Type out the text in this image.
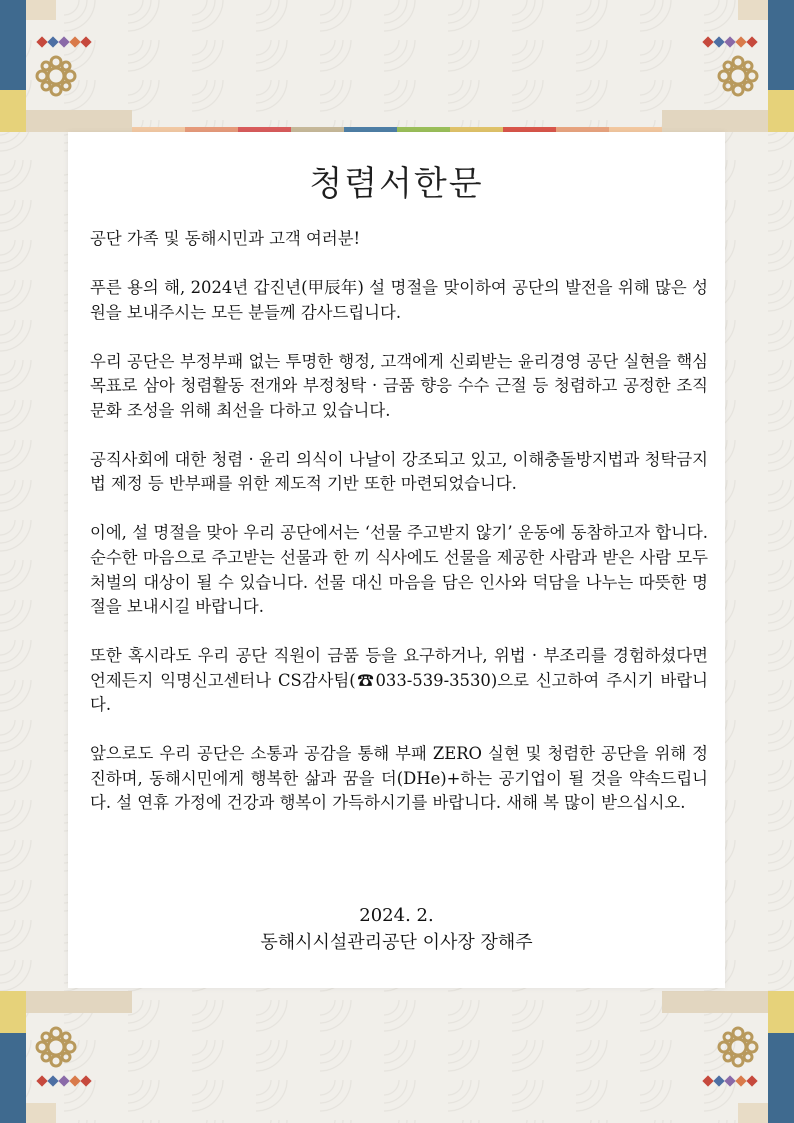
청렴서한문

공단 가족 및 동해시민과 고객 여러분!

푸른 용의 해, 2024년 갑진년(甲辰年) 설 명절을 맞이하여 공단의 발전을 위해 많은 성원을 보내주시는 모든 분들께 감사드립니다.

우리 공단은 부정부패 없는 투명한 행정, 고객에게 신뢰받는 윤리경영 공단 실현을 핵심 목표로 삼아 청렴활동 전개와 부정청탁 · 금품 향응 수수 근절 등 청렴하고 공정한 조직문화 조성을 위해 최선을 다하고 있습니다.

공직사회에 대한 청렴 · 윤리 의식이 나날이 강조되고 있고, 이해충돌방지법과 청탁금지법 제정 등 반부패를 위한 제도적 기반 또한 마련되었습니다.

이에, 설 명절을 맞아 우리 공단에서는 ‘선물 주고받지 않기’ 운동에 동참하고자 합니다. 순수한 마음으로 주고받는 선물과 한 끼 식사에도 선물을 제공한 사람과 받은 사람 모두 처벌의 대상이 될 수 있습니다. 선물 대신 마음을 담은 인사와 덕담을 나누는 따뜻한 명절을 보내시길 바랍니다.

또한 혹시라도 우리 공단 직원이 금품 등을 요구하거나, 위법 · 부조리를 경험하셨다면 언제든지 익명신고센터나 CS감사팀(☎033-539-3530)으로 신고하여 주시기 바랍니다.

앞으로도 우리 공단은 소통과 공감을 통해 부패 ZERO 실현 및 청렴한 공단을 위해 정진하며, 동해시민에게 행복한 삶과 꿈을 더(DHe)+하는 공기업이 될 것을 약속드립니다. 설 연휴 가정에 건강과 행복이 가득하시기를 바랍니다. 새해 복 많이 받으십시오.

2024. 2.
동해시시설관리공단 이사장 장해주
